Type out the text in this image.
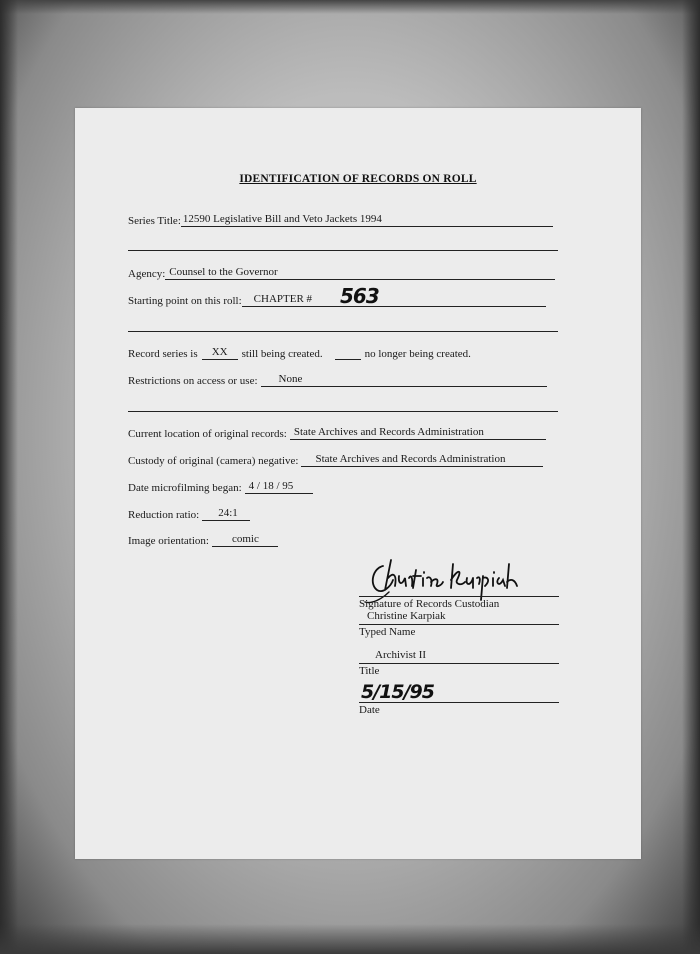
IDENTIFICATION OF RECORDS ON ROLL
Series Title: 12590 Legislative Bill and Veto Jackets 1994
Agency: Counsel to the Governor
Starting point on this roll:	CHAPTER #	563
Record series is	XX	still being created.	no longer being created.
Restrictions on access or use:	None
Current location of original records: State Archives and Records Administration
Custody of original (camera) negative:	State Archives and Records Administration
Date microfilming began: 4 / 18 / 95
Reduction ratio:	24:1
Image orientation:	comic
Signature of Records Custodian
Christine Karpiak
Typed Name
Archivist II
Title
5/15/95
Date
